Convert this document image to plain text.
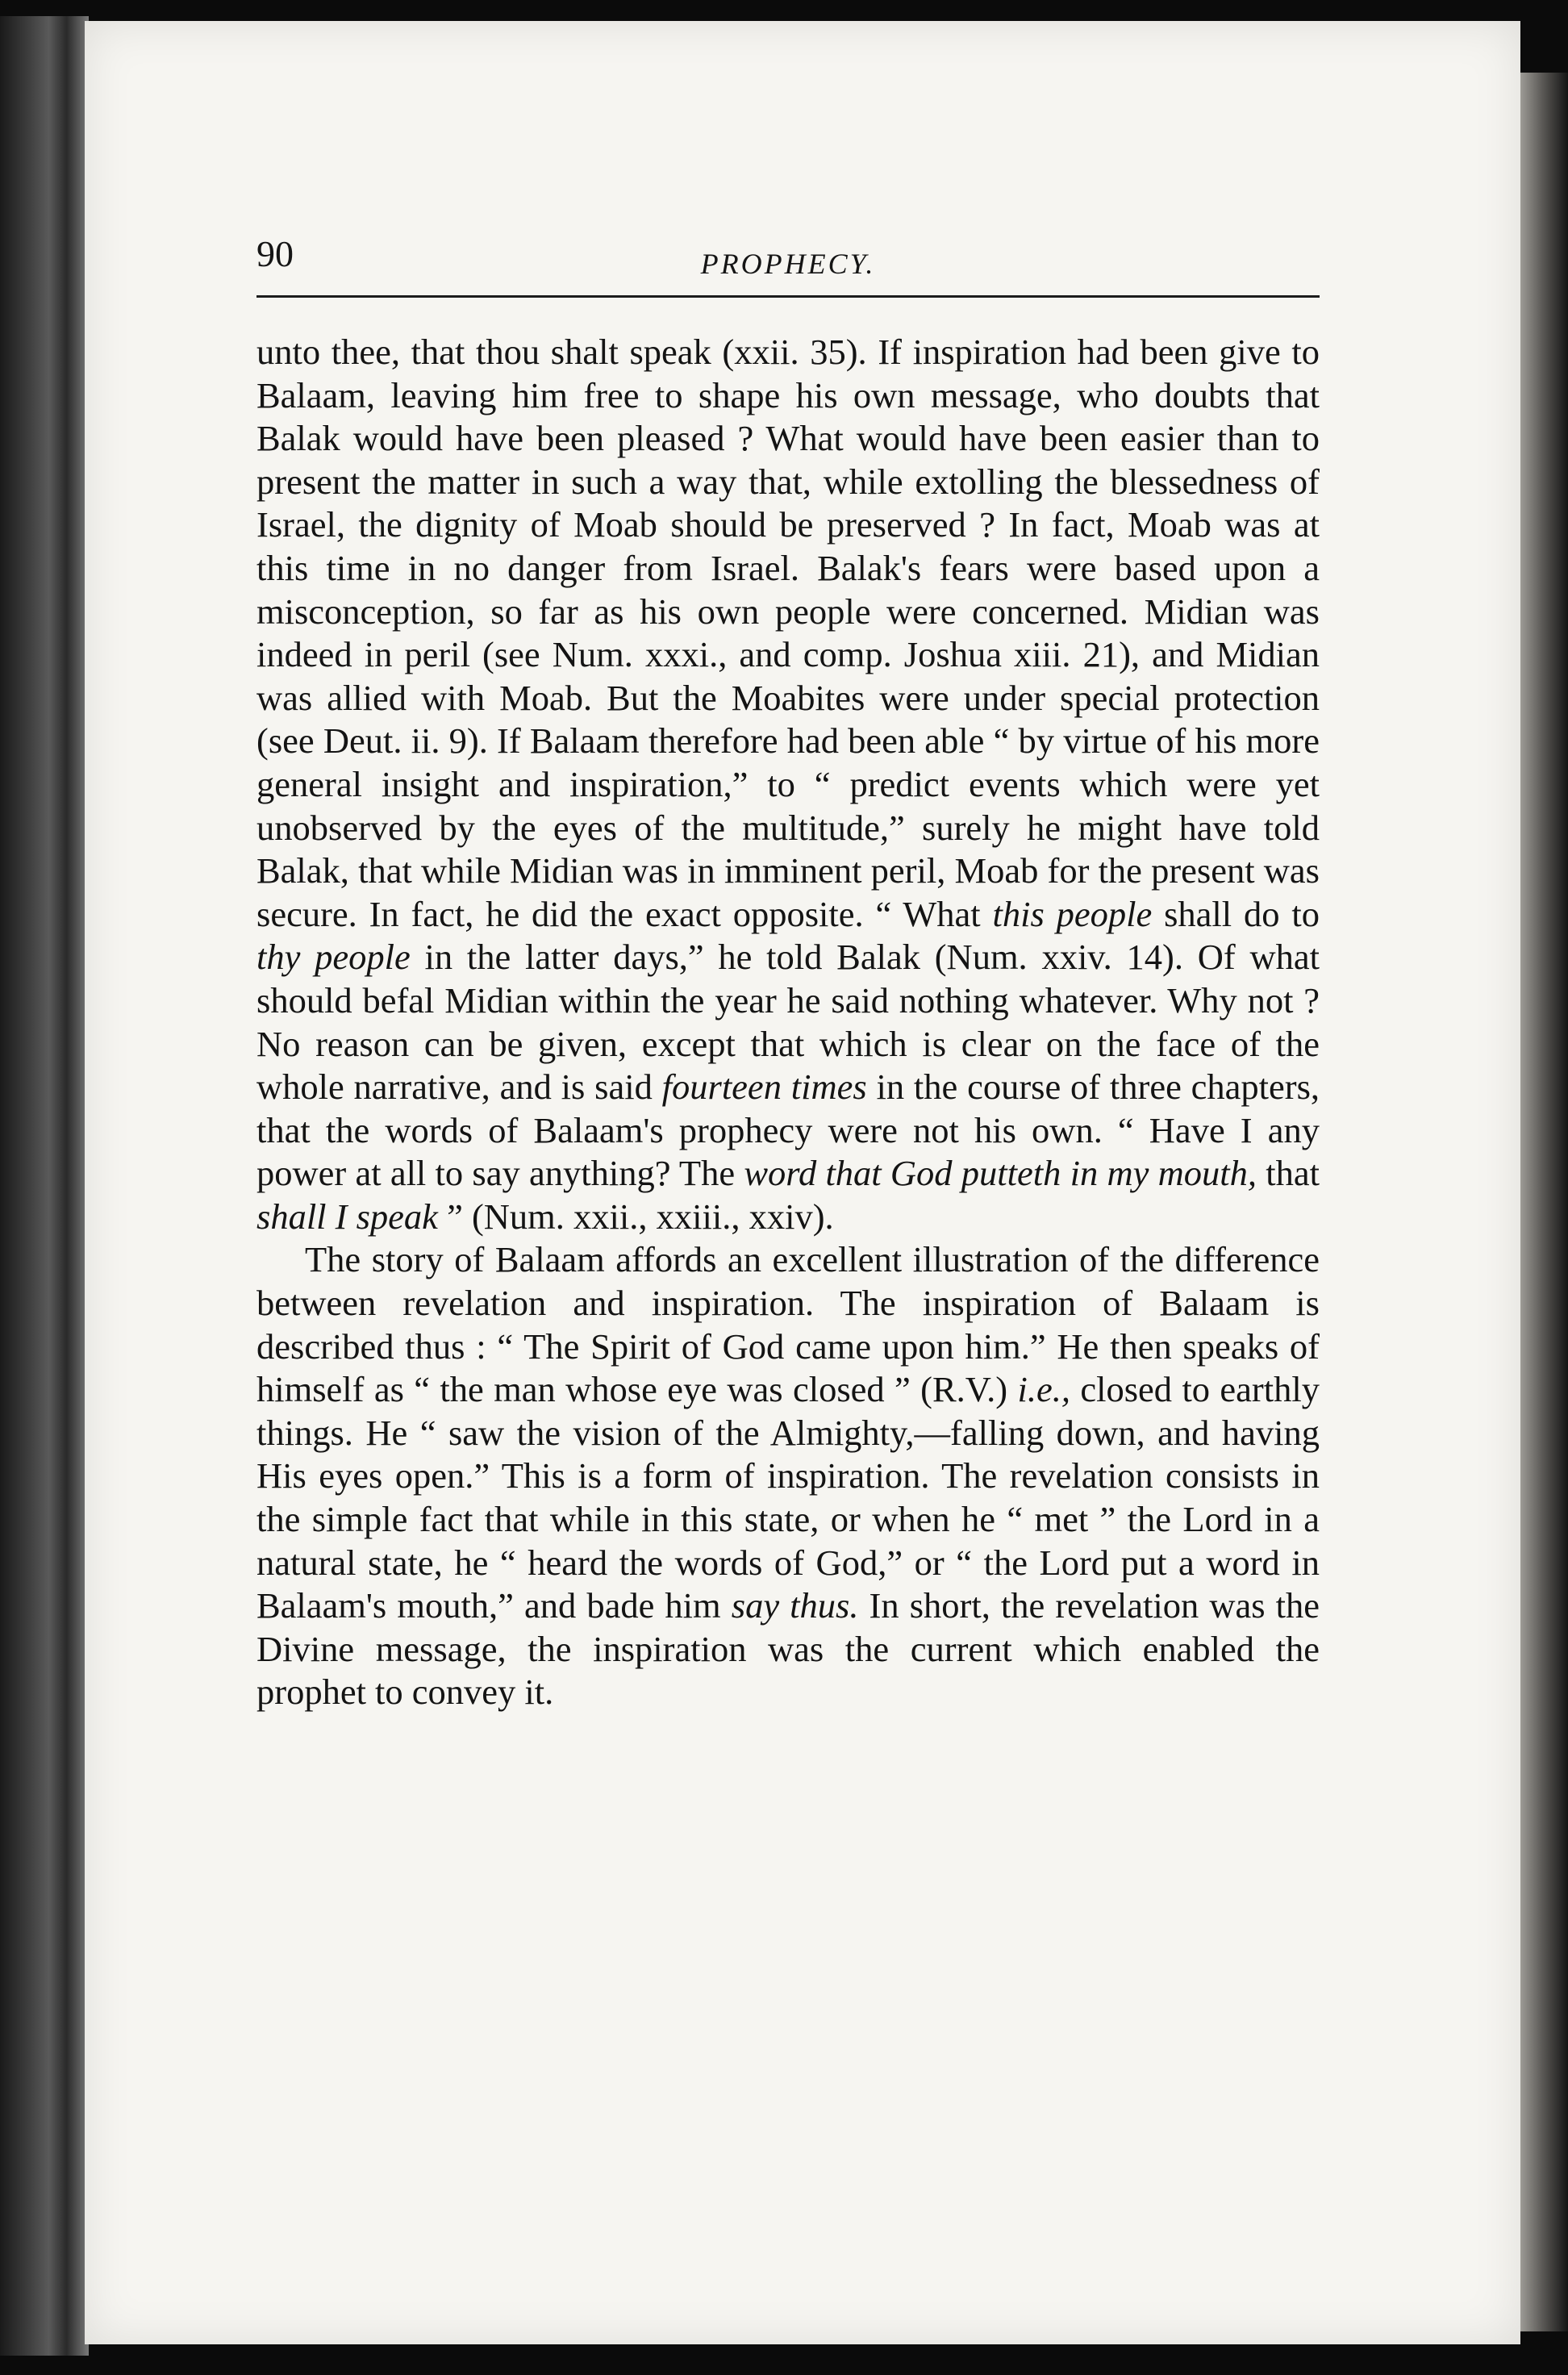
90	PROPHECY.

unto thee, that thou shalt speak (xxii. 35). If inspiration had been give to Balaam, leaving him free to shape his own message, who doubts that Balak would have been pleased ? What would have been easier than to present the matter in such a way that, while extolling the blessedness of Israel, the dignity of Moab should be preserved ? In fact, Moab was at this time in no danger from Israel. Balak's fears were based upon a misconception, so far as his own people were concerned. Midian was indeed in peril (see Num. xxxi., and comp. Joshua xiii. 21), and Midian was allied with Moab. But the Moabites were under special protection (see Deut. ii. 9). If Balaam therefore had been able “ by virtue of his more general insight and inspiration,” to “ predict events which were yet unobserved by the eyes of the multitude,” surely he might have told Balak, that while Midian was in imminent peril, Moab for the present was secure. In fact, he did the exact opposite. “ What this people shall do to thy people in the latter days,” he told Balak (Num. xxiv. 14). Of what should befal Midian within the year he said nothing whatever. Why not ? No reason can be given, except that which is clear on the face of the whole narrative, and is said fourteen times in the course of three chapters, that the words of Balaam's prophecy were not his own. “ Have I any power at all to say anything? The word that God putteth in my mouth, that shall I speak ” (Num. xxii., xxiii., xxiv).

The story of Balaam affords an excellent illustration of the difference between revelation and inspiration. The inspiration of Balaam is described thus : “ The Spirit of God came upon him.” He then speaks of himself as “ the man whose eye was closed ” (R.V.) i.e., closed to earthly things. He “ saw the vision of the Almighty,—falling down, and having His eyes open.” This is a form of inspiration. The revelation consists in the simple fact that while in this state, or when he “ met ” the Lord in a natural state, he “ heard the words of God,” or “ the Lord put a word in Balaam's mouth,” and bade him say thus. In short, the revelation was the Divine message, the inspiration was the current which enabled the prophet to convey it.
